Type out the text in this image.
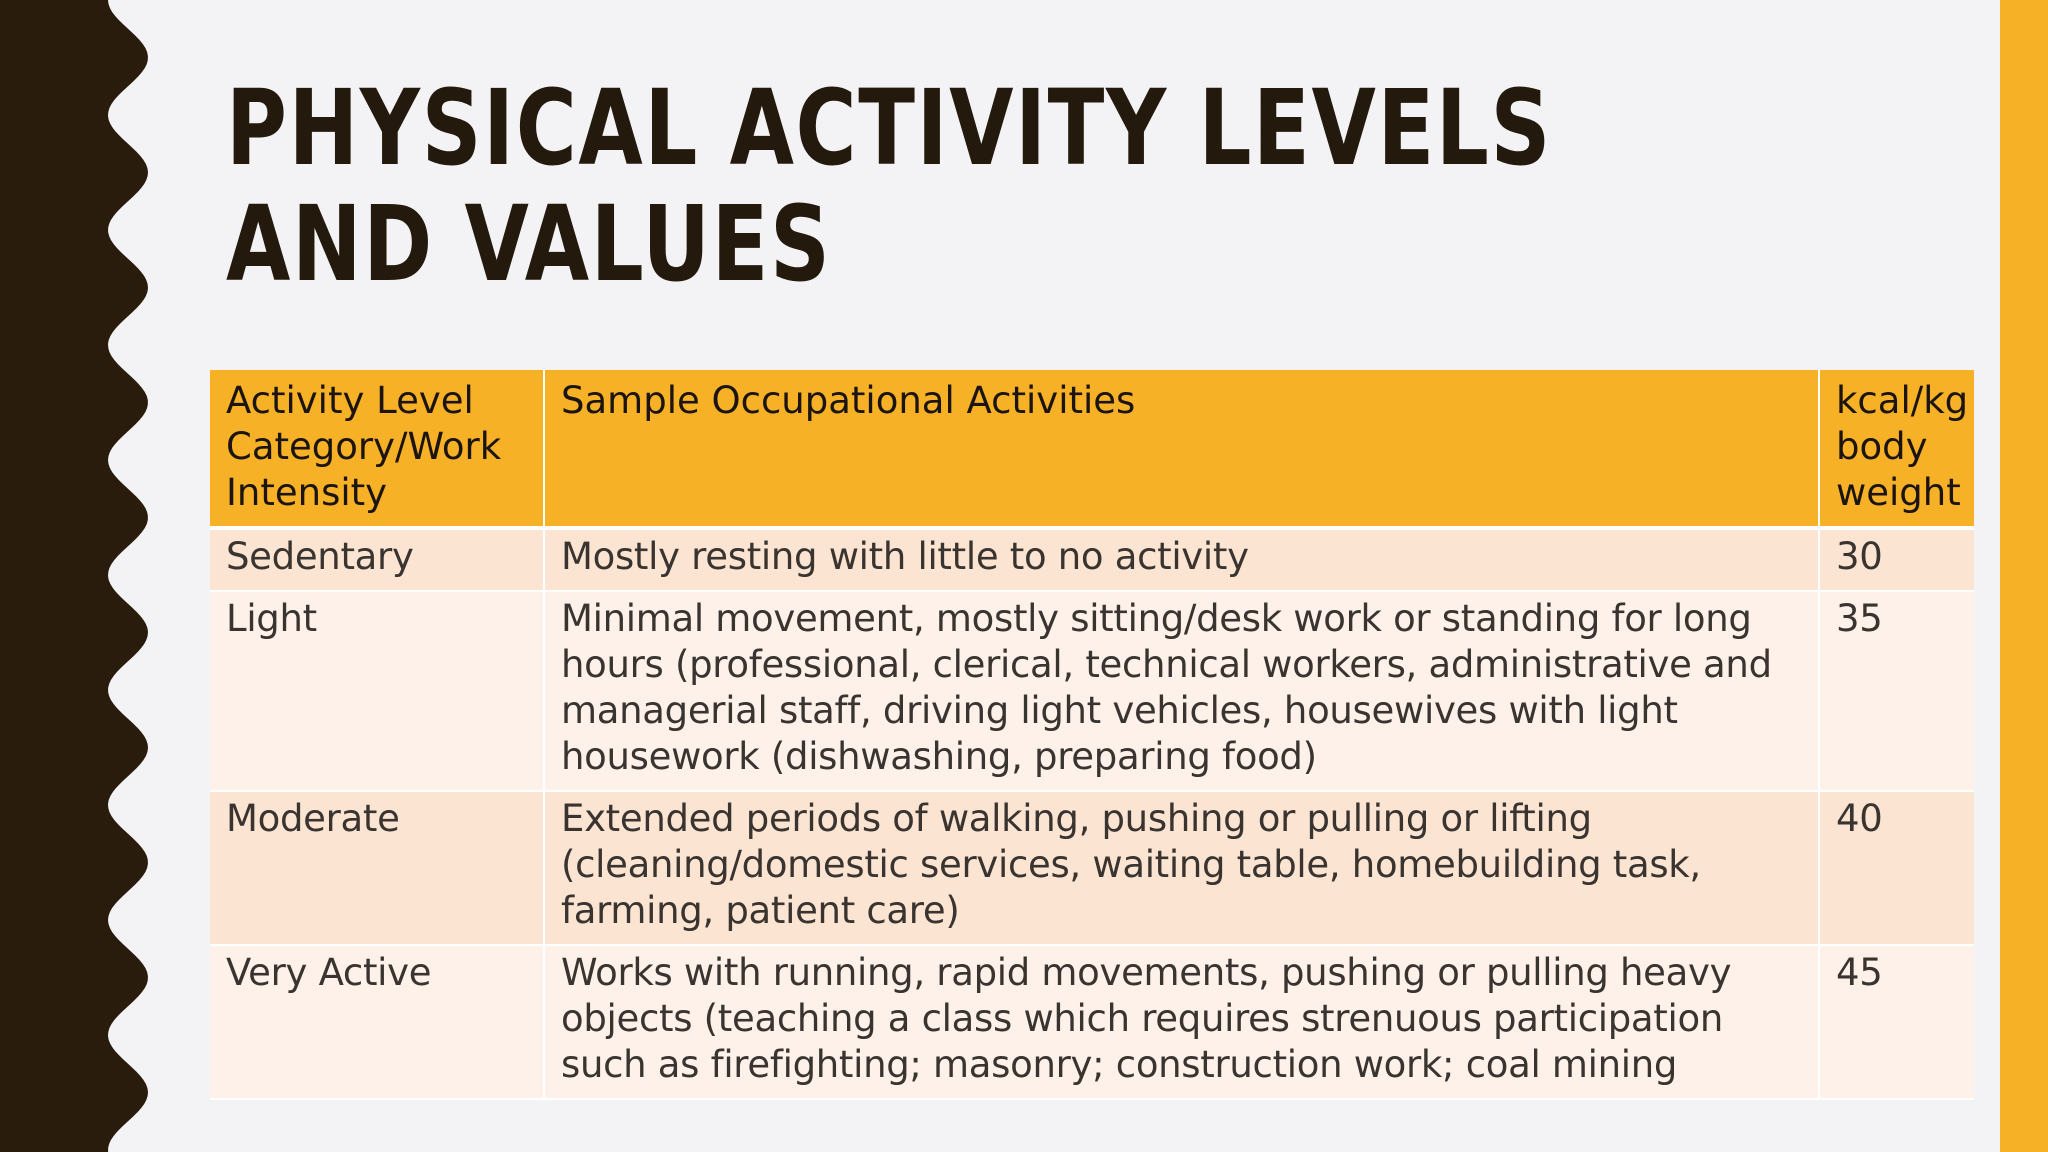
PHYSICAL ACTIVITY LEVELS AND VALUES
Activity Level Category/Work Intensity	Sample Occupational Activities	kcal/kg body weight
Sedentary	Mostly resting with little to no activity	30
Light	Minimal movement, mostly sitting/desk work or standing for long hours (professional, clerical, technical workers, administrative and managerial staff, driving light vehicles, housewives with light housework (dishwashing, preparing food)	35
Moderate	Extended periods of walking, pushing or pulling or lifting (cleaning/domestic services, waiting table, homebuilding task, farming, patient care)	40
Very Active	Works with running, rapid movements, pushing or pulling heavy objects (teaching a class which requires strenuous participation such as firefighting; masonry; construction work; coal mining	45
